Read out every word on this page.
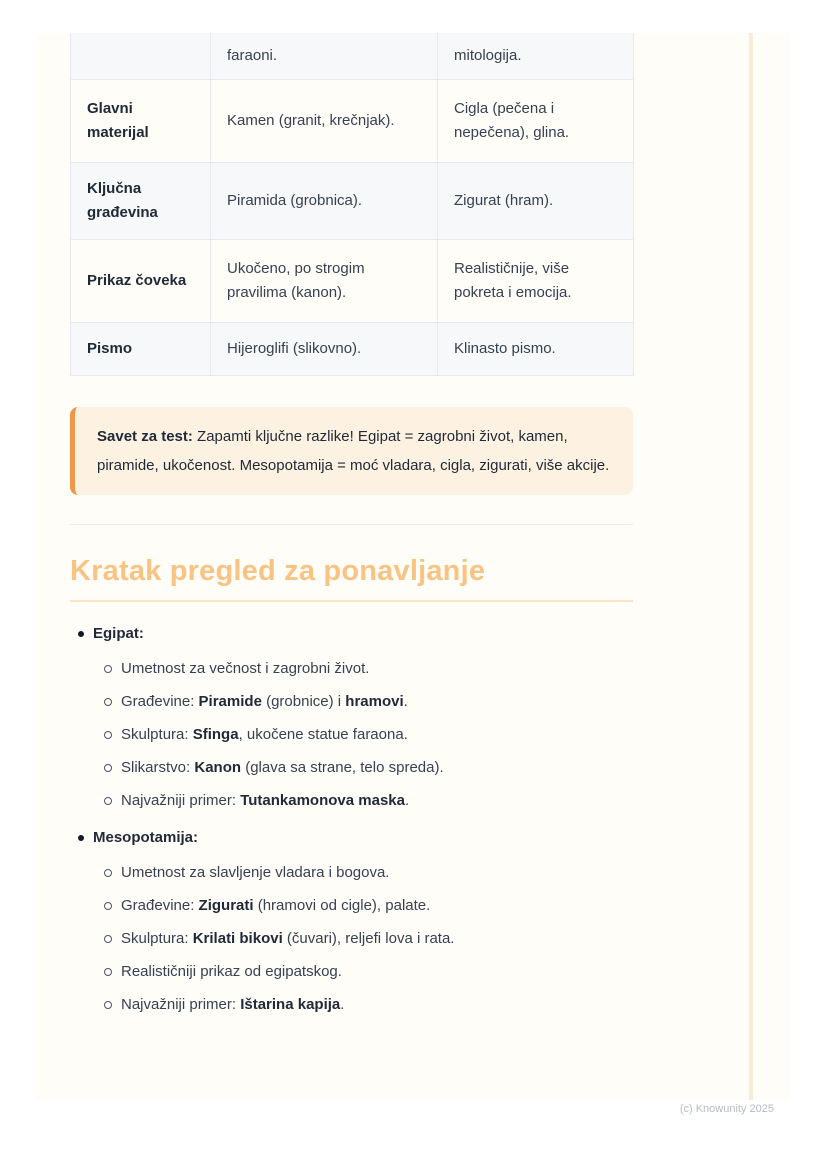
	faraoni.	mitologija.
Glavni materijal	Kamen (granit, krečnjak).	Cigla (pečena i nepečena), glina.
Ključna građevina	Piramida (grobnica).	Zigurat (hram).
Prikaz čoveka	Ukočeno, po strogim pravilima (kanon).	Realističnije, više pokreta i emocija.
Pismo	Hijeroglifi (slikovno).	Klinasto pismo.
Savet za test: Zapamti ključne razlike! Egipat = zagrobni život, kamen, piramide, ukočenost. Mesopotamija = moć vladara, cigla, zigurati, više akcije.
Kratak pregled za ponavljanje
Egipat:
Umetnost za večnost i zagrobni život.
Građevine: Piramide (grobnice) i hramovi.
Skulptura: Sfinga, ukočene statue faraona.
Slikarstvo: Kanon (glava sa strane, telo spreda).
Najvažniji primer: Tutankamonova maska.
Mesopotamija:
Umetnost za slavljenje vladara i bogova.
Građevine: Zigurati (hramovi od cigle), palate.
Skulptura: Krilati bikovi (čuvari), reljefi lova i rata.
Realističniji prikaz od egipatskog.
Najvažniji primer: Ištarina kapija.
(c) Knowunity 2025
